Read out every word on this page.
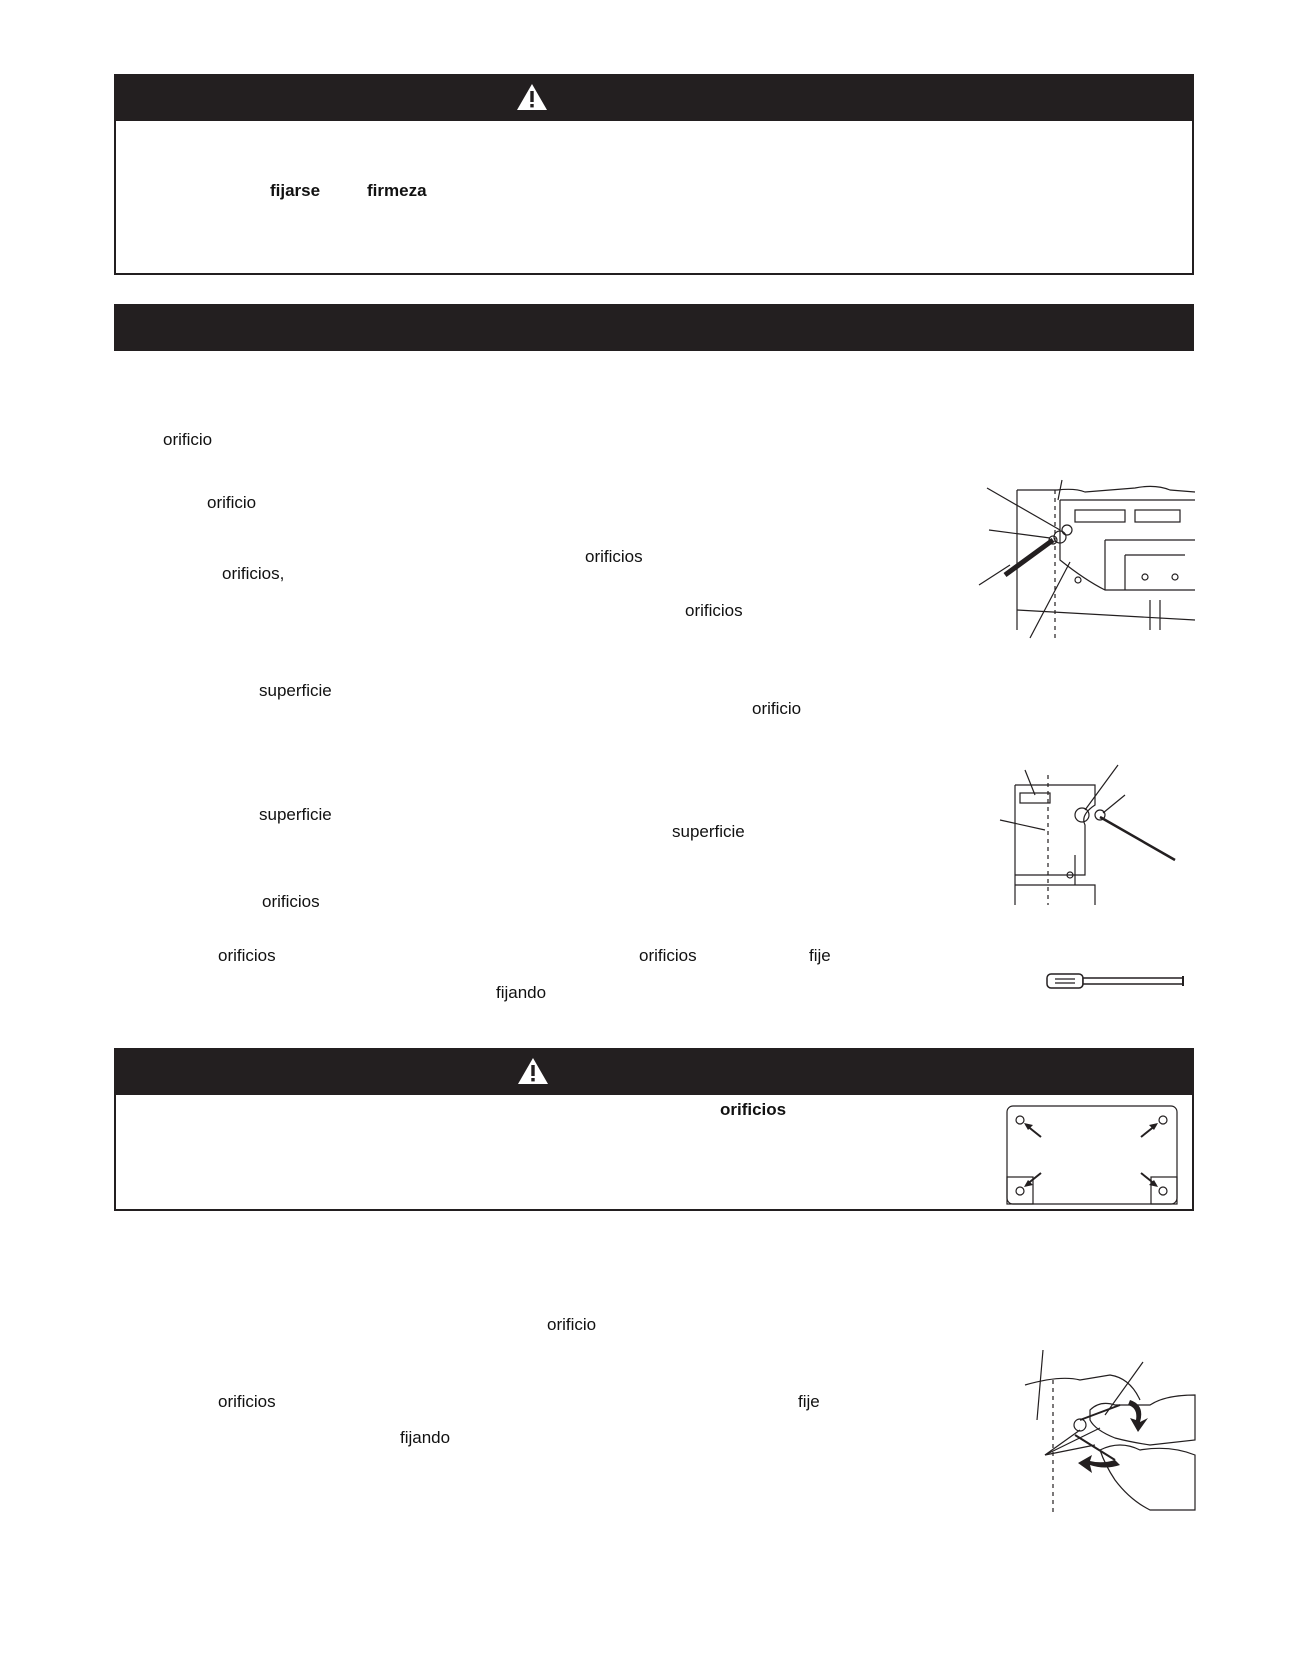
fijarse	firmeza
orificio
orificio
orificios
orificios,
orificios
superficie
orificio
superficie
superficie
orificios
orificios	orificios	fije
fijando
orificios
orificio
orificios	fije
fijando
